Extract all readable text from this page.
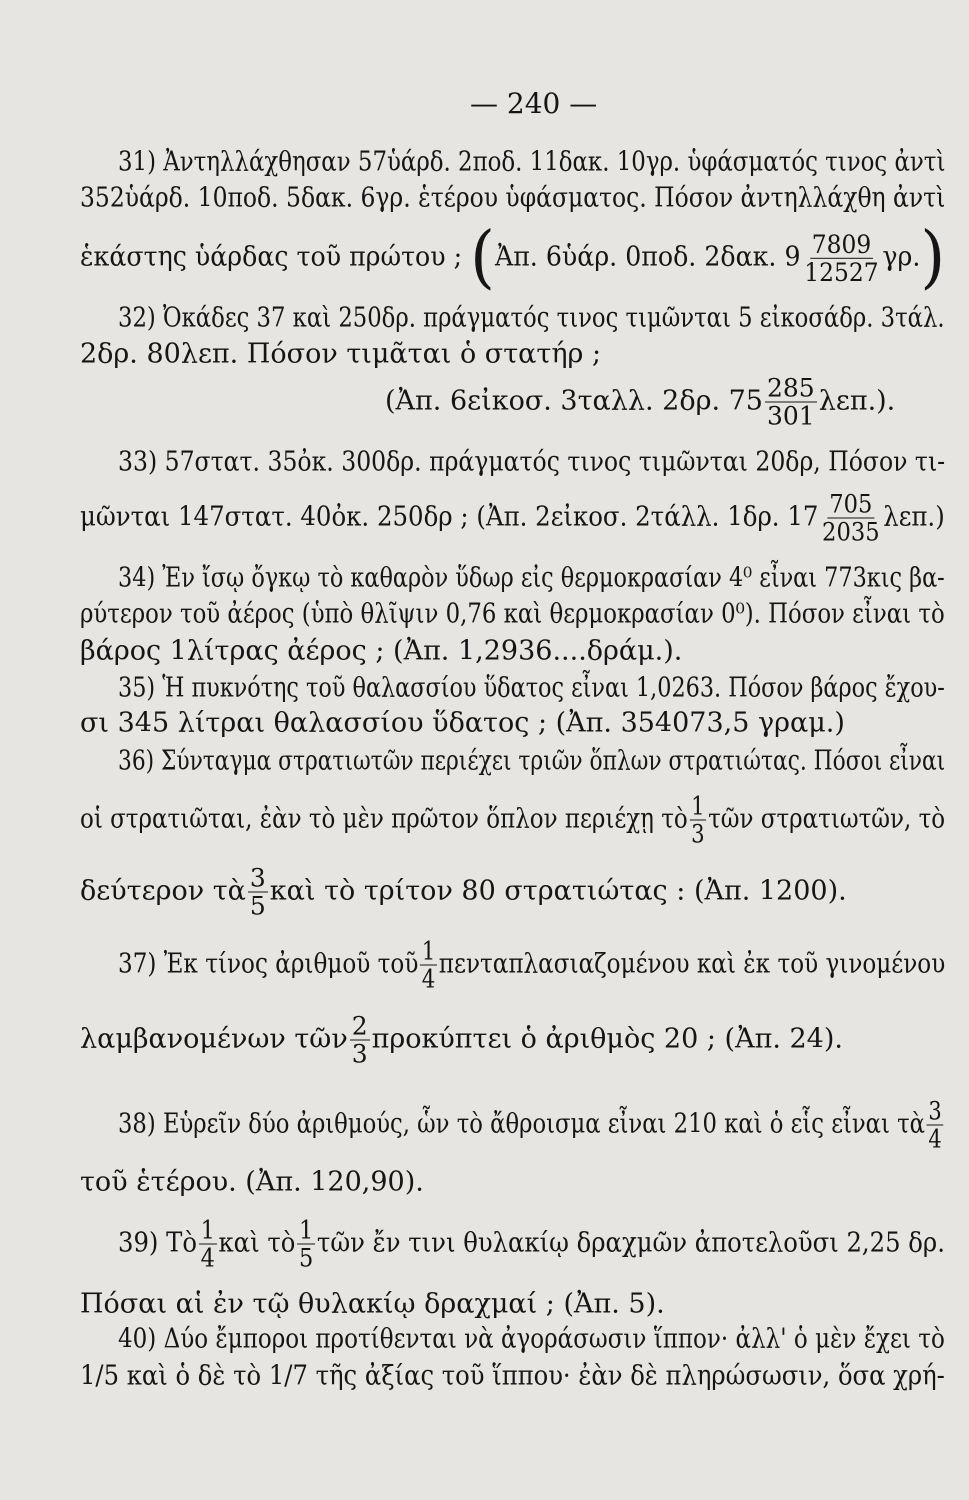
— 240 —
31) Ἀντηλλάχθησαν 57ὑάρδ. 2ποδ. 11δακ. 10γρ. ὑφάσματός τινος ἀντὶ
352ὑάρδ. 10ποδ. 5δακ. 6γρ. ἑτέρου ὑφάσματος. Πόσον ἀντηλλάχθη ἀντὶ
ἑκάστης ὑάρδας τοῦ πρώτου ; (Ἀπ. 6ὑάρ. 0ποδ. 2δακ. $9 \frac{7809}{12527} \gamma\rho$.)
32) Ὀκάδες 37 καὶ 250δρ. πράγματός τινος τιμῶνται 5 εἰκοσάδρ. 3τάλ.
2δρ. 80λεπ. Πόσον τιμᾶται ὁ στατήρ ;
(Ἀπ. 6εἰκοσ. 3ταλλ. 2δρ. $75 \frac{285}{301} \lambda\varepsilon\pi$.).
33) 57στατ. 35ὀκ. 300δρ. πράγματός τινος τιμῶνται 20δρ, Πόσον τι-
μῶνται 147στατ. 40ὀκ. 250δρ ; (Ἀπ. 2εἰκοσ. 2τάλλ. 1δρ. $17 \frac{705}{2035} \lambda\varepsilon\pi$.)
34) Ἐν ἴσῳ ὄγκῳ τὸ καθαρὸν ὕδωρ εἰς θερμοκρασίαν 4⁰ εἶναι 773κις βα-
ρύτερον τοῦ ἀέρος (ὑπὸ θλῖψιν 0,76 καὶ θερμοκρασίαν 0⁰). Πόσον εἶναι τὸ
βάρος 1λίτρας ἀέρος ; (Ἀπ. 1,2936....δράμ.).
35) Ἡ πυκνότης τοῦ θαλασσίου ὕδατος εἶναι 1,0263. Πόσον βάρος ἔχου-
σι 345 λίτραι θαλασσίου ὕδατος ; (Ἀπ. 354073,5 γραμ.)
36) Σύνταγμα στρατιωτῶν περιέχει τριῶν ὅπλων στρατιώτας. Πόσοι εἶναι
οἱ στρατιῶται, ἐὰν τὸ μὲν πρῶτον ὅπλον περιέχῃ τὸ $\frac{1}{3}$ τῶν στρατιωτῶν, τὸ
δεύτερον τὰ $\frac{3}{5}$ καὶ τὸ τρίτον 80 στρατιώτας : (Ἀπ. 1200).
37) Ἐκ τίνος ἀριθμοῦ τοῦ $\frac{1}{4}$ πενταπλασιαζομένου καὶ ἐκ τοῦ γινομένου
λαμβανομένων τῶν $\frac{2}{3}$ προκύπτει ὁ ἀριθμὸς 20 ; (Ἀπ. 24).
38) Εὑρεῖν δύο ἀριθμούς, ὧν τὸ ἄθροισμα εἶναι 210 καὶ ὁ εἷς εἶναι τὰ $\frac{3}{4}$
τοῦ ἑτέρου. (Ἀπ. 120,90).
39) Τὸ $\frac{1}{4}$ καὶ τὸ $\frac{1}{5}$ τῶν ἔν τινι θυλακίῳ δραχμῶν ἀποτελοῦσι 2,25 δρ.
Πόσαι αἱ ἐν τῷ θυλακίῳ δραχμαί ; (Ἀπ. 5).
40) Δύο ἔμποροι προτίθενται νὰ ἀγοράσωσιν ἵππον· ἀλλ' ὁ μὲν ἔχει τὸ
1/5 καὶ ὁ δὲ τὸ 1/7 τῆς ἀξίας τοῦ ἵππου· ἐὰν δὲ πληρώσωσιν, ὅσα χρή-
